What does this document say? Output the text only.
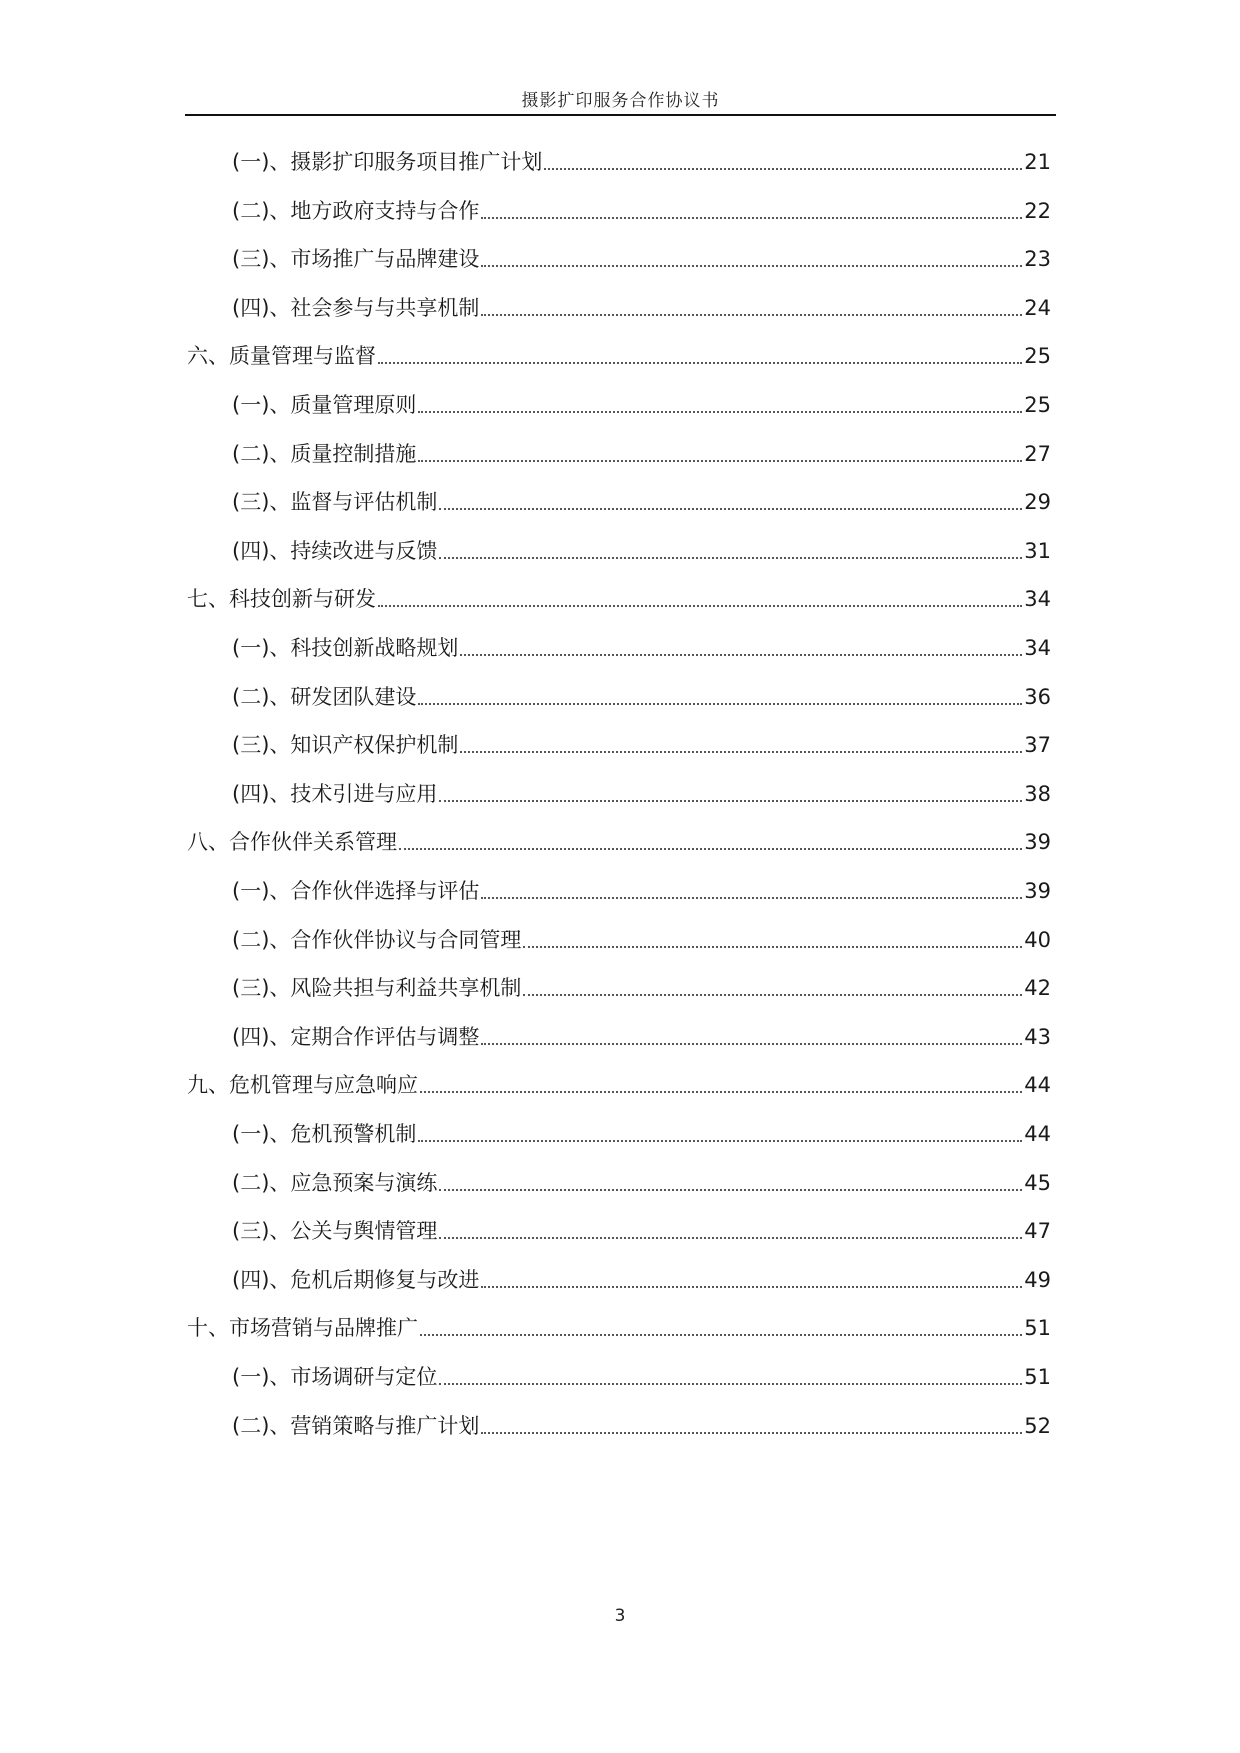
摄影扩印服务合作协议书
(一)、摄影扩印服务项目推广计划	21
(二)、地方政府支持与合作	22
(三)、市场推广与品牌建设	23
(四)、社会参与与共享机制	24
六、质量管理与监督	25
(一)、质量管理原则	25
(二)、质量控制措施	27
(三)、监督与评估机制	29
(四)、持续改进与反馈	31
七、科技创新与研发	34
(一)、科技创新战略规划	34
(二)、研发团队建设	36
(三)、知识产权保护机制	37
(四)、技术引进与应用	38
八、合作伙伴关系管理	39
(一)、合作伙伴选择与评估	39
(二)、合作伙伴协议与合同管理	40
(三)、风险共担与利益共享机制	42
(四)、定期合作评估与调整	43
九、危机管理与应急响应	44
(一)、危机预警机制	44
(二)、应急预案与演练	45
(三)、公关与舆情管理	47
(四)、危机后期修复与改进	49
十、市场营销与品牌推广	51
(一)、市场调研与定位	51
(二)、营销策略与推广计划	52
3
